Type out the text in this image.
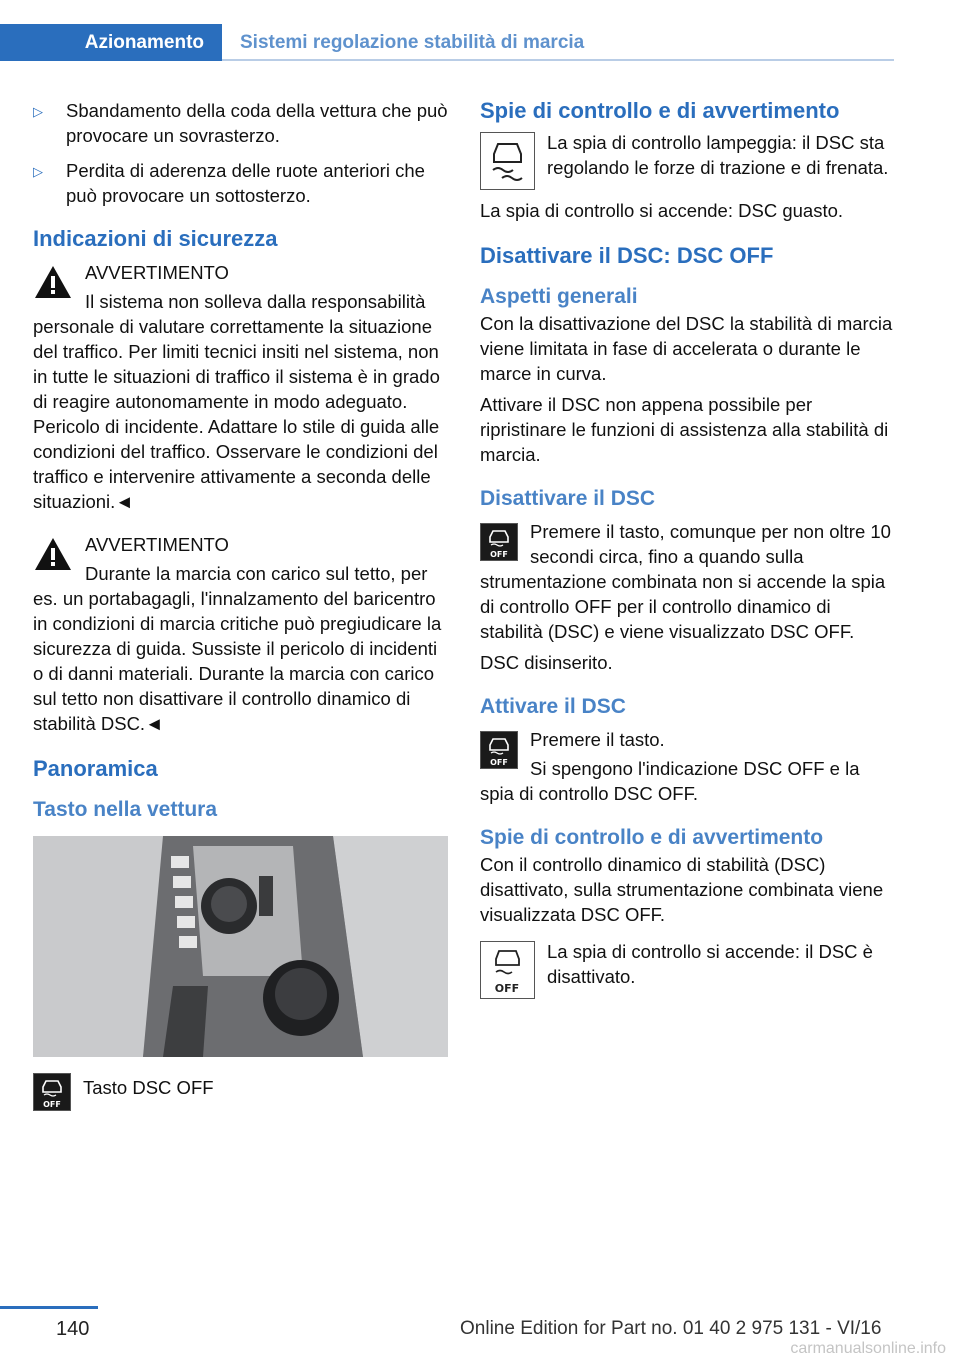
Azionamento	Sistemi regolazione stabilità di marcia
▷ Sbandamento della coda della vettura che può provocare un sovrasterzo.
▷ Perdita di aderenza delle ruote anteriori che può provocare un sottosterzo.
Indicazioni di sicurezza

AVVERTIMENTO

Il sistema non solleva dalla responsabilità personale di valutare correttamente la situazione del traffico. Per limiti tecnici insiti nel sistema, non in tutte le situazioni di traffico il sistema è in grado di reagire autonomamente in modo adeguato. Pericolo di incidente. Adattare lo stile di guida alle condizioni del traffico. Osservare le condizioni del traffico e intervenire attivamente a seconda delle situazioni.◄

AVVERTIMENTO

Durante la marcia con carico sul tetto, per es. un portabagagli, l'innalzamento del baricentro in condizioni di marcia critiche può pregiudicare la sicurezza di guida. Sussiste il pericolo di incidenti o di danni materiali. Durante la marcia con carico sul tetto non disattivare il controllo dinamico di stabilità DSC.◄

Panoramica
Tasto nella vettura
OFF

Tasto DSC OFF

Spie di controllo e di avvertimento

La spia di controllo lampeggia: il DSC sta regolando le forze di trazione e di frenata.

La spia di controllo si accende: DSC guasto.

Disattivare il DSC: DSC OFF
Aspetti generali

Con la disattivazione del DSC la stabilità di marcia viene limitata in fase di accelerata o durante le marce in curva.

Attivare il DSC non appena possibile per ripristinare le funzioni di assistenza alla stabilità di marcia.

Disattivare il DSC
OFF

Premere il tasto, comunque per non oltre 10 secondi circa, fino a quando sulla strumentazione combinata non si accende la spia di controllo OFF per il controllo dinamico di stabilità (DSC) e viene visualizzato DSC OFF.

DSC disinserito.

Attivare il DSC
OFF

Premere il tasto.

Si spengono l'indicazione DSC OFF e la spia di controllo DSC OFF.

Spie di controllo e di avvertimento

Con il controllo dinamico di stabilità (DSC) disattivato, sulla strumentazione combinata viene visualizzata DSC OFF.

OFF

La spia di controllo si accende: il DSC è disattivato.

140	Online Edition for Part no. 01 40 2 975 131 - VI/16
carmanualsonline.info
